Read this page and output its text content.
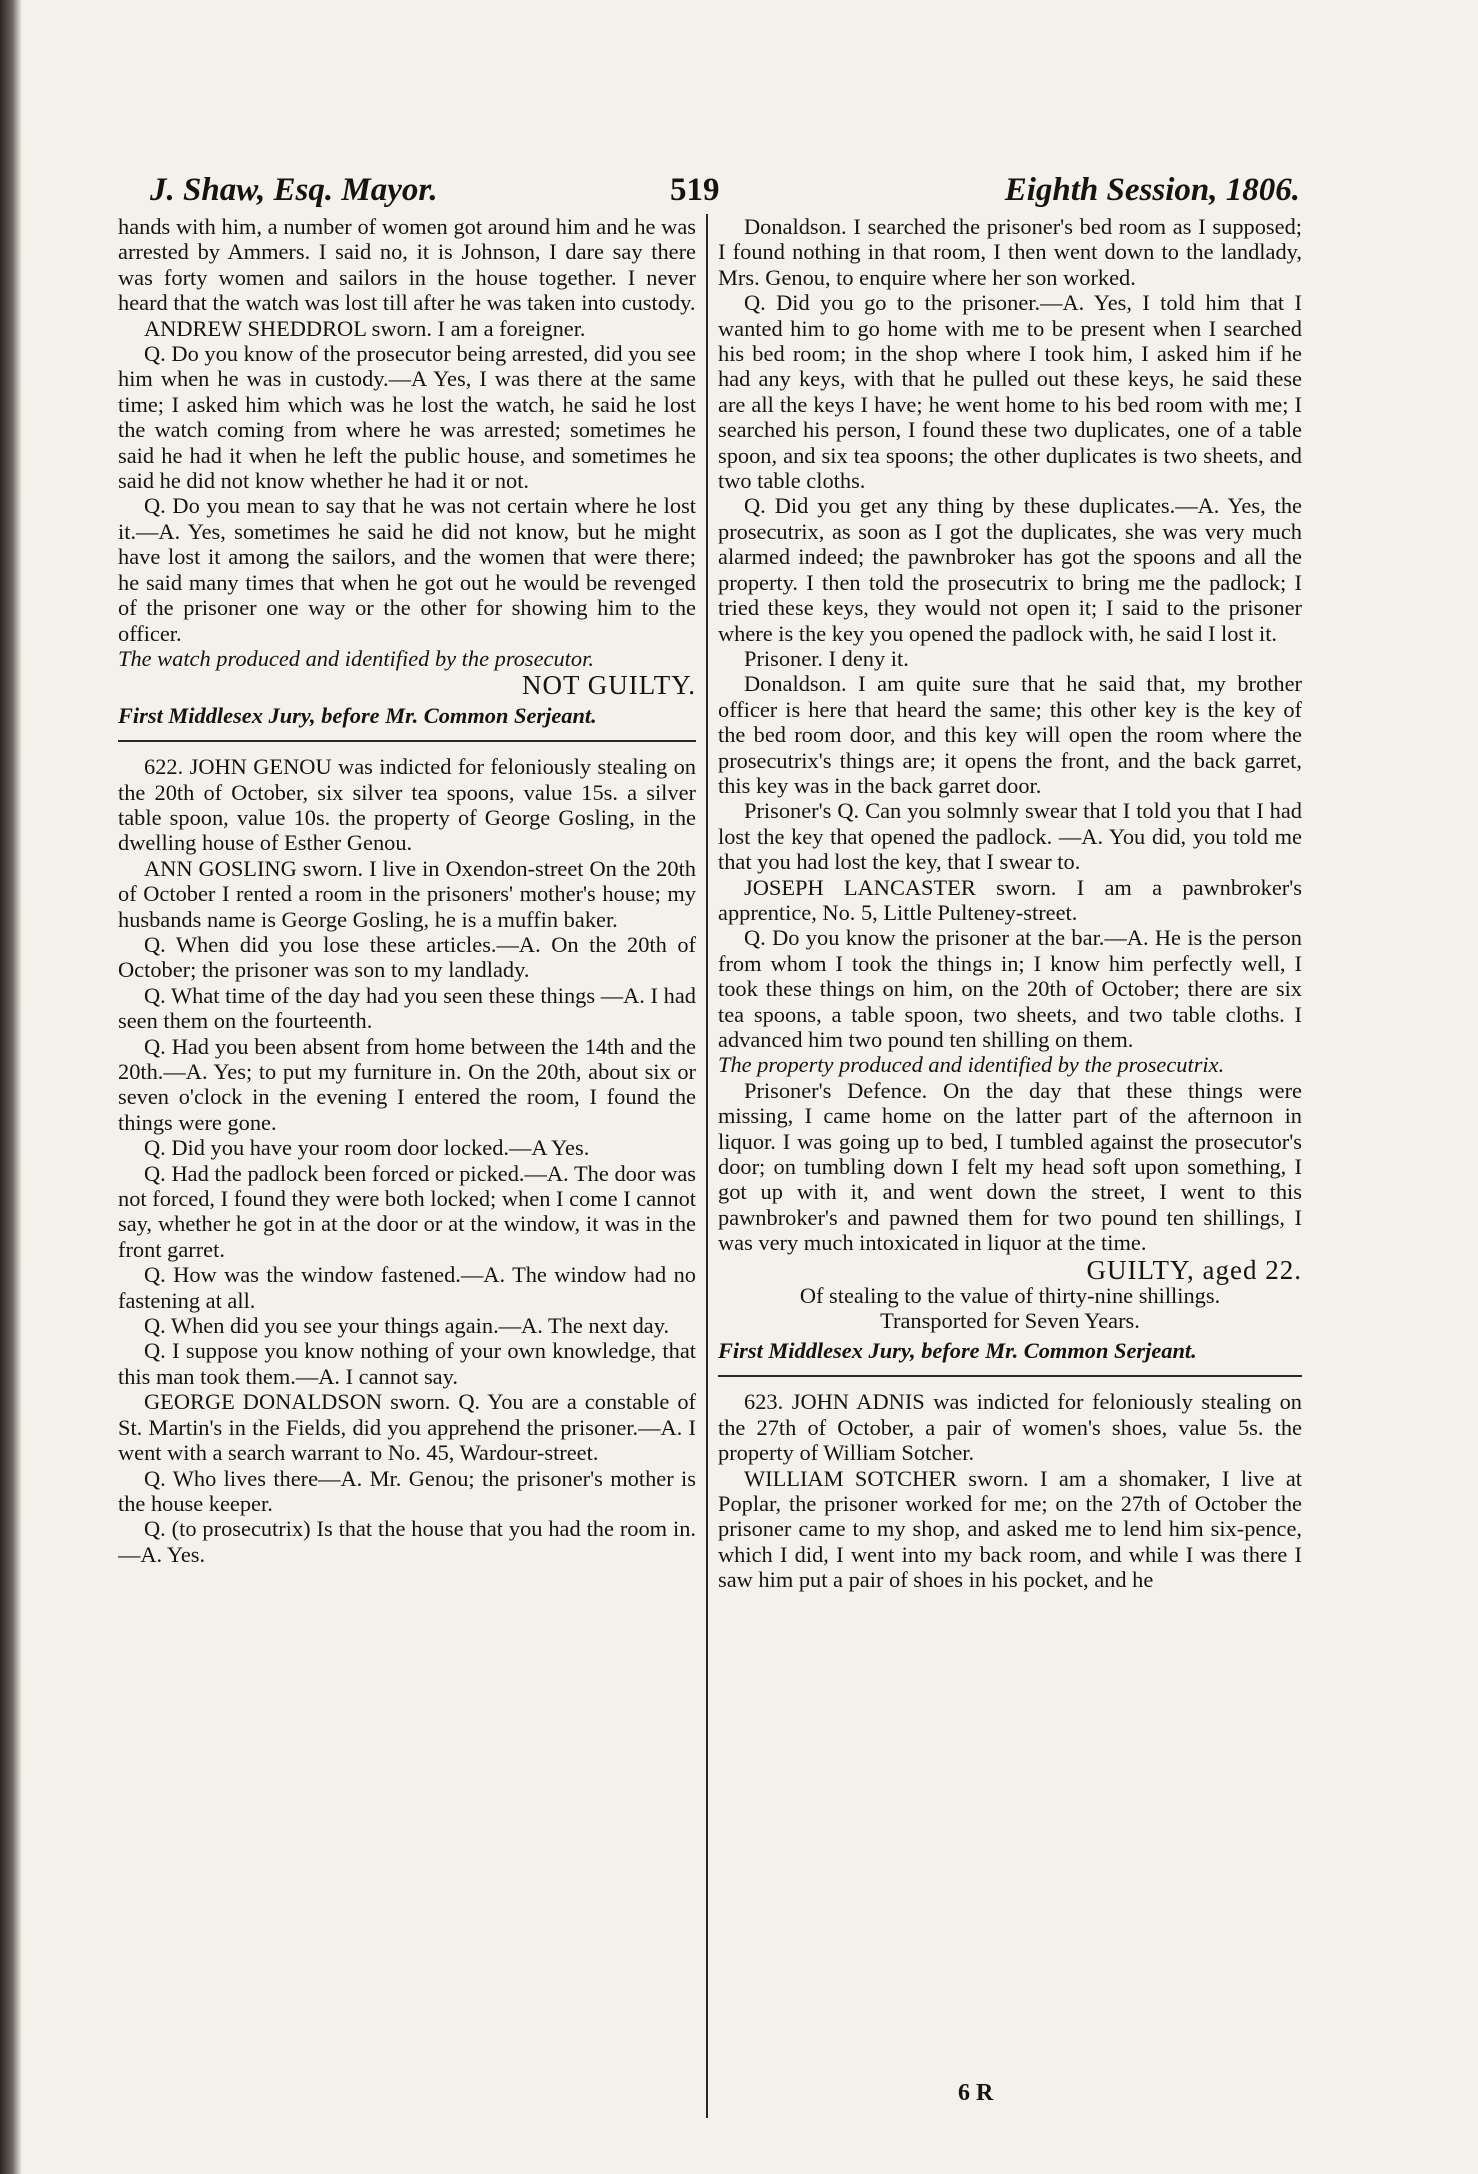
J. Shaw, Esq. Mayor.	519	Eighth Session, 1806.

hands with him, a number of women got around him and he was arrested by Ammers. I said no, it is Johnson, I dare say there was forty women and sailors in the house together. I never heard that the watch was lost till after he was taken into custody.

ANDREW SHEDDROL sworn. I am a foreigner.

Q. Do you know of the prosecutor being arrested, did you see him when he was in custody.—A Yes, I was there at the same time; I asked him which was he lost the watch, he said he lost the watch coming from where he was arrested; sometimes he said he had it when he left the public house, and sometimes he said he did not know whether he had it or not.

Q. Do you mean to say that he was not certain where he lost it.—A. Yes, sometimes he said he did not know, but he might have lost it among the sailors, and the women that were there; he said many times that when he got out he would be revenged of the prisoner one way or the other for showing him to the officer.

The watch produced and identified by the prosecutor.

NOT GUILTY.

First Middlesex Jury, before Mr. Common Serjeant.

622. JOHN GENOU was indicted for feloniously stealing on the 20th of October, six silver tea spoons, value 15s. a silver table spoon, value 10s. the property of George Gosling, in the dwelling house of Esther Genou.

ANN GOSLING sworn. I live in Oxendon-street On the 20th of October I rented a room in the prisoners' mother's house; my husbands name is George Gosling, he is a muffin baker.

Q. When did you lose these articles.—A. On the 20th of October; the prisoner was son to my landlady.

Q. What time of the day had you seen these things —A. I had seen them on the fourteenth.

Q. Had you been absent from home between the 14th and the 20th.—A. Yes; to put my furniture in. On the 20th, about six or seven o'clock in the evening I entered the room, I found the things were gone.

Q. Did you have your room door locked.—A Yes.

Q. Had the padlock been forced or picked.—A. The door was not forced, I found they were both locked; when I come I cannot say, whether he got in at the door or at the window, it was in the front garret.

Q. How was the window fastened.—A. The window had no fastening at all.

Q. When did you see your things again.—A. The next day.

Q. I suppose you know nothing of your own knowledge, that this man took them.—A. I cannot say.

GEORGE DONALDSON sworn. Q. You are a constable of St. Martin's in the Fields, did you apprehend the prisoner.—A. I went with a search warrant to No. 45, Wardour-street.

Q. Who lives there—A. Mr. Genou; the prisoner's mother is the house keeper.

Q. (to prosecutrix) Is that the house that you had the room in.—A. Yes.

Donaldson. I searched the prisoner's bed room as I supposed; I found nothing in that room, I then went down to the landlady, Mrs. Genou, to enquire where her son worked.

Q. Did you go to the prisoner.—A. Yes, I told him that I wanted him to go home with me to be present when I searched his bed room; in the shop where I took him, I asked him if he had any keys, with that he pulled out these keys, he said these are all the keys I have; he went home to his bed room with me; I searched his person, I found these two duplicates, one of a table spoon, and six tea spoons; the other duplicates is two sheets, and two table cloths.

Q. Did you get any thing by these duplicates.—A. Yes, the prosecutrix, as soon as I got the duplicates, she was very much alarmed indeed; the pawnbroker has got the spoons and all the property. I then told the prosecutrix to bring me the padlock; I tried these keys, they would not open it; I said to the prisoner where is the key you opened the padlock with, he said I lost it.

Prisoner. I deny it.

Donaldson. I am quite sure that he said that, my brother officer is here that heard the same; this other key is the key of the bed room door, and this key will open the room where the prosecutrix's things are; it opens the front, and the back garret, this key was in the back garret door.

Prisoner's Q. Can you solmnly swear that I told you that I had lost the key that opened the padlock. —A. You did, you told me that you had lost the key, that I swear to.

JOSEPH LANCASTER sworn. I am a pawnbroker's apprentice, No. 5, Little Pulteney-street.

Q. Do you know the prisoner at the bar.—A. He is the person from whom I took the things in; I know him perfectly well, I took these things on him, on the 20th of October; there are six tea spoons, a table spoon, two sheets, and two table cloths. I advanced him two pound ten shilling on them.

The property produced and identified by the prosecutrix.

Prisoner's Defence. On the day that these things were missing, I came home on the latter part of the afternoon in liquor. I was going up to bed, I tumbled against the prosecutor's door; on tumbling down I felt my head soft upon something, I got up with it, and went down the street, I went to this pawnbroker's and pawned them for two pound ten shillings, I was very much intoxicated in liquor at the time.

GUILTY, aged 22.

Of stealing to the value of thirty-nine shillings.

Transported for Seven Years.

First Middlesex Jury, before Mr. Common Serjeant.

623. JOHN ADNIS was indicted for feloniously stealing on the 27th of October, a pair of women's shoes, value 5s. the property of William Sotcher.

WILLIAM SOTCHER sworn. I am a shomaker, I live at Poplar, the prisoner worked for me; on the 27th of October the prisoner came to my shop, and asked me to lend him six-pence, which I did, I went into my back room, and while I was there I saw him put a pair of shoes in his pocket, and he

6 R
